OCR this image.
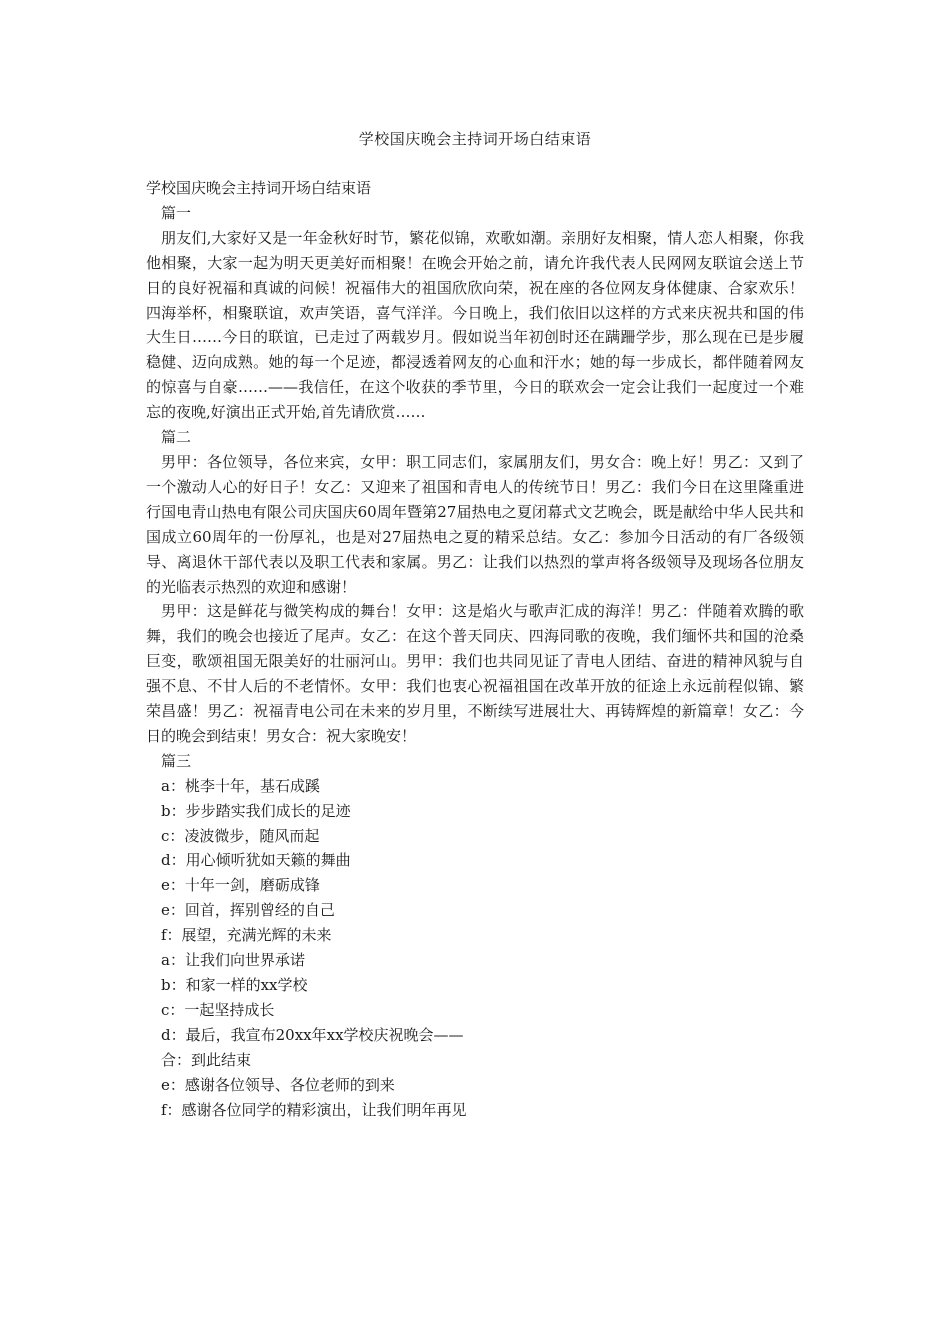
学校国庆晚会主持词开场白结束语

学校国庆晚会主持词开场白结束语

篇一

朋友们,大家好又是一年金秋好时节，繁花似锦，欢歌如潮。亲朋好友相聚，情人恋人相聚，你我他相聚，大家一起为明天更美好而相聚！在晚会开始之前，请允许我代表人民网网友联谊会送上节日的良好祝福和真诚的问候！祝福伟大的祖国欣欣向荣，祝在座的各位网友身体健康、合家欢乐！四海举杯，相聚联谊，欢声笑语，喜气洋洋。今日晚上，我们依旧以这样的方式来庆祝共和国的伟大生日……今日的联谊，已走过了两载岁月。假如说当年初创时还在蹒跚学步，那么现在已是步履稳健、迈向成熟。她的每一个足迹，都浸透着网友的心血和汗水；她的每一步成长，都伴随着网友的惊喜与自豪……——我信任，在这个收获的季节里，今日的联欢会一定会让我们一起度过一个难忘的夜晚,好演出正式开始,首先请欣赏……

篇二

男甲：各位领导，各位来宾，女甲：职工同志们，家属朋友们，男女合：晚上好！男乙：又到了一个激动人心的好日子！女乙：又迎来了祖国和青电人的传统节日！男乙：我们今日在这里隆重进行国电青山热电有限公司庆国庆60周年暨第27届热电之夏闭幕式文艺晚会，既是献给中华人民共和国成立60周年的一份厚礼，也是对27届热电之夏的精采总结。女乙：参加今日活动的有厂各级领导、离退休干部代表以及职工代表和家属。男乙：让我们以热烈的掌声将各级领导及现场各位朋友的光临表示热烈的欢迎和感谢！

男甲：这是鲜花与微笑构成的舞台！女甲：这是焰火与歌声汇成的海洋！男乙：伴随着欢腾的歌舞，我们的晚会也接近了尾声。女乙：在这个普天同庆、四海同歌的夜晚，我们缅怀共和国的沧桑巨变，歌颂祖国无限美好的壮丽河山。男甲：我们也共同见证了青电人团结、奋进的精神风貌与自强不息、不甘人后的不老情怀。女甲：我们也衷心祝福祖国在改革开放的征途上永远前程似锦、繁荣昌盛！男乙：祝福青电公司在未来的岁月里，不断续写进展壮大、再铸辉煌的新篇章！女乙：今日的晚会到结束！男女合：祝大家晚安！

篇三

a：桃李十年，基石成蹊

b：步步踏实我们成长的足迹

c：凌波微步，随风而起

d：用心倾听犹如天籁的舞曲

e：十年一剑，磨砺成锋

e：回首，挥别曾经的自己

f：展望，充满光辉的未来

a：让我们向世界承诺

b：和家一样的xx学校

c：一起坚持成长

d：最后，我宣布20xx年xx学校庆祝晚会——

合：到此结束

e：感谢各位领导、各位老师的到来

f：感谢各位同学的精彩演出，让我们明年再见
